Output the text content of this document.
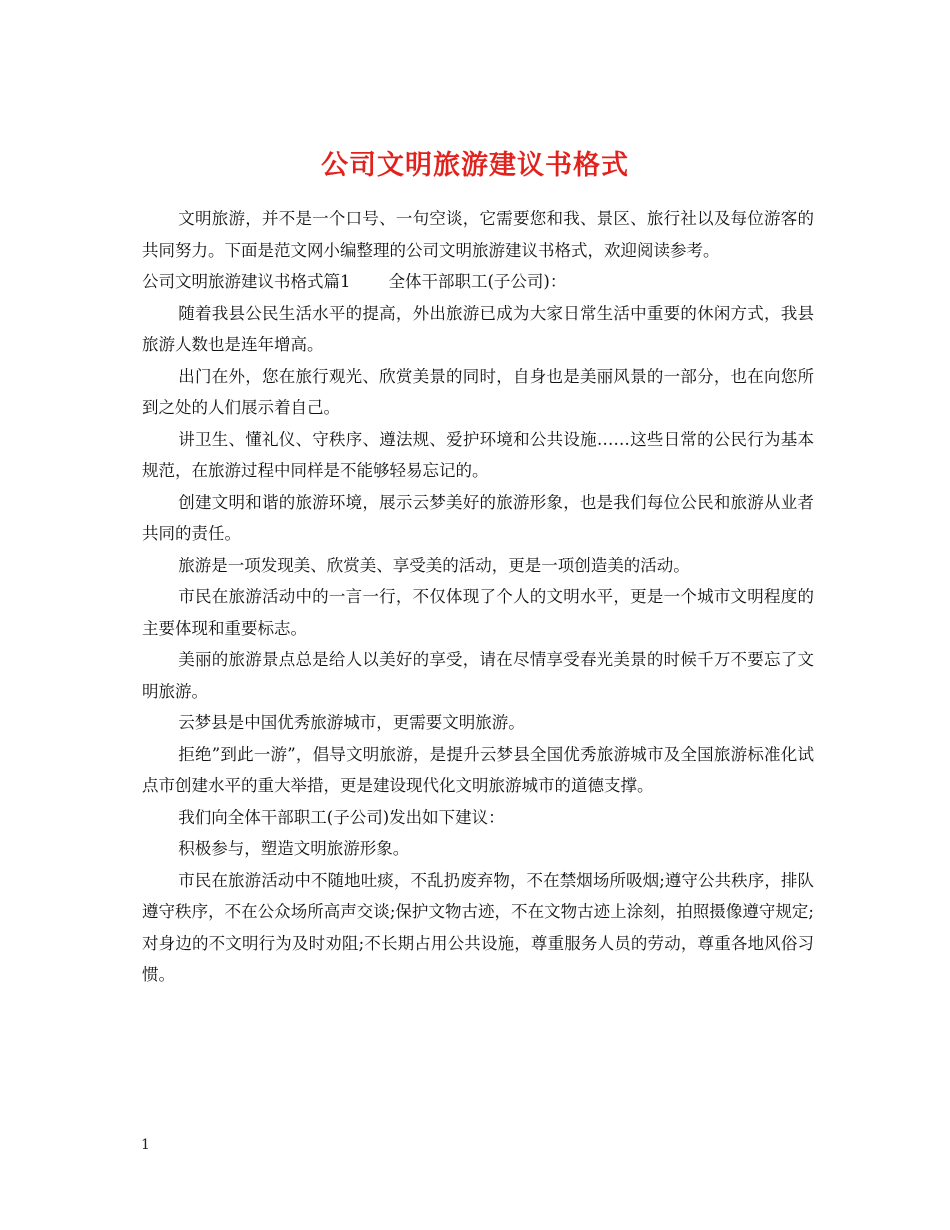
公司文明旅游建议书格式

文明旅游，并不是一个口号、一句空谈，它需要您和我、景区、旅行社以及每位游客的共同努力。下面是范文网小编整理的公司文明旅游建议书格式，欢迎阅读参考。

公司文明旅游建议书格式篇1 全体干部职工(子公司)：

随着我县公民生活水平的提高，外出旅游已成为大家日常生活中重要的休闲方式，我县旅游人数也是连年增高。

出门在外，您在旅行观光、欣赏美景的同时，自身也是美丽风景的一部分，也在向您所到之处的人们展示着自己。

讲卫生、懂礼仪、守秩序、遵法规、爱护环境和公共设施……这些日常的公民行为基本规范，在旅游过程中同样是不能够轻易忘记的。

创建文明和谐的旅游环境，展示云梦美好的旅游形象，也是我们每位公民和旅游从业者共同的责任。

旅游是一项发现美、欣赏美、享受美的活动，更是一项创造美的活动。

市民在旅游活动中的一言一行，不仅体现了个人的文明水平，更是一个城市文明程度的主要体现和重要标志。

美丽的旅游景点总是给人以美好的享受，请在尽情享受春光美景的时候千万不要忘了文明旅游。

云梦县是中国优秀旅游城市，更需要文明旅游。

拒绝”到此一游”，倡导文明旅游，是提升云梦县全国优秀旅游城市及全国旅游标准化试点市创建水平的重大举措，更是建设现代化文明旅游城市的道德支撑。

我们向全体干部职工(子公司)发出如下建议：

积极参与，塑造文明旅游形象。

市民在旅游活动中不随地吐痰，不乱扔废弃物，不在禁烟场所吸烟;遵守公共秩序，排队遵守秩序，不在公众场所高声交谈;保护文物古迹，不在文物古迹上涂刻，拍照摄像遵守规定;对身边的不文明行为及时劝阻;不长期占用公共设施，尊重服务人员的劳动，尊重各地风俗习惯。

1
